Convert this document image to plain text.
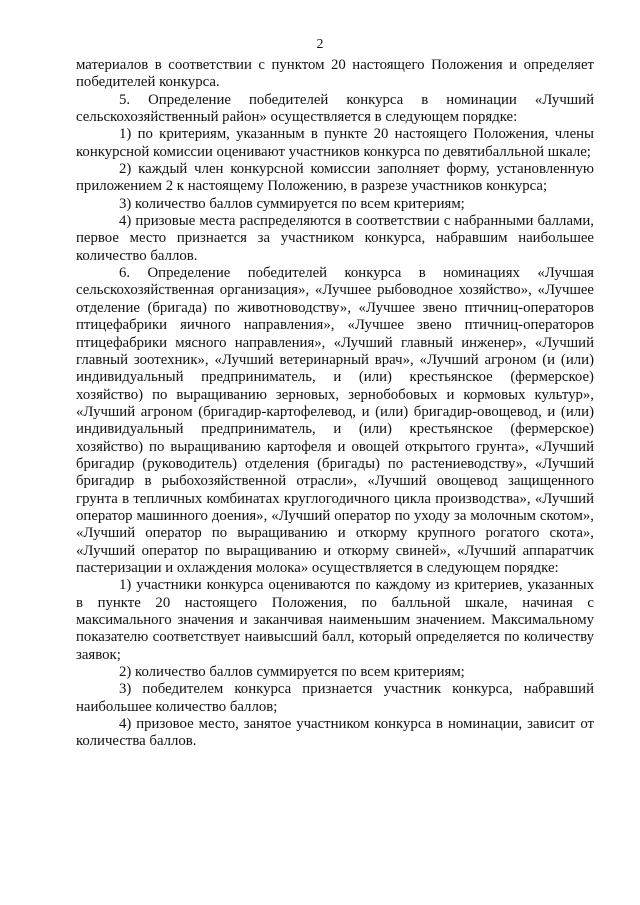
2

материалов в соответствии с пунктом 20 настоящего Положения и определяет победителей конкурса.

5. Определение победителей конкурса в номинации «Лучший сельскохозяйственный район» осуществляется в следующем порядке:

1) по критериям, указанным в пункте 20 настоящего Положения, члены конкурсной комиссии оценивают участников конкурса по девятибалльной шкале;

2) каждый член конкурсной комиссии заполняет форму, установленную приложением 2 к настоящему Положению, в разрезе участников конкурса;

3) количество баллов суммируется по всем критериям;

4) призовые места распределяются в соответствии с набранными баллами, первое место признается за участником конкурса, набравшим наибольшее количество баллов.

6. Определение победителей конкурса в номинациях «Лучшая сельскохозяйственная организация», «Лучшее рыбоводное хозяйство», «Лучшее отделение (бригада) по животноводству», «Лучшее звено птичниц-операторов птицефабрики яичного направления», «Лучшее звено птичниц-операторов птицефабрики мясного направления», «Лучший главный инженер», «Лучший главный зоотехник», «Лучший ветеринарный врач», «Лучший агроном (и (или) индивидуальный предприниматель, и (или) крестьянское (фермерское) хозяйство) по выращиванию зерновых, зернобобовых и кормовых культур», «Лучший агроном (бригадир-картофелевод, и (или) бригадир-овощевод, и (или) индивидуальный предприниматель, и (или) крестьянское (фермерское) хозяйство) по выращиванию картофеля и овощей открытого грунта», «Лучший бригадир (руководитель) отделения (бригады) по растениеводству», «Лучший бригадир в рыбохозяйственной отрасли», «Лучший овощевод защищенного грунта в тепличных комбинатах круглогодичного цикла производства», «Лучший оператор машинного доения», «Лучший оператор по уходу за молочным скотом», «Лучший оператор по выращиванию и откорму крупного рогатого скота», «Лучший оператор по выращиванию и откорму свиней», «Лучший аппаратчик пастеризации и охлаждения молока» осуществляется в следующем порядке:

1) участники конкурса оцениваются по каждому из критериев, указанных в пункте 20 настоящего Положения, по балльной шкале, начиная с максимального значения и заканчивая наименьшим значением. Максимальному показателю соответствует наивысший балл, который определяется по количеству заявок;

2) количество баллов суммируется по всем критериям;

3) победителем конкурса признается участник конкурса, набравший наибольшее количество баллов;

4) призовое место, занятое участником конкурса в номинации, зависит от количества баллов.
